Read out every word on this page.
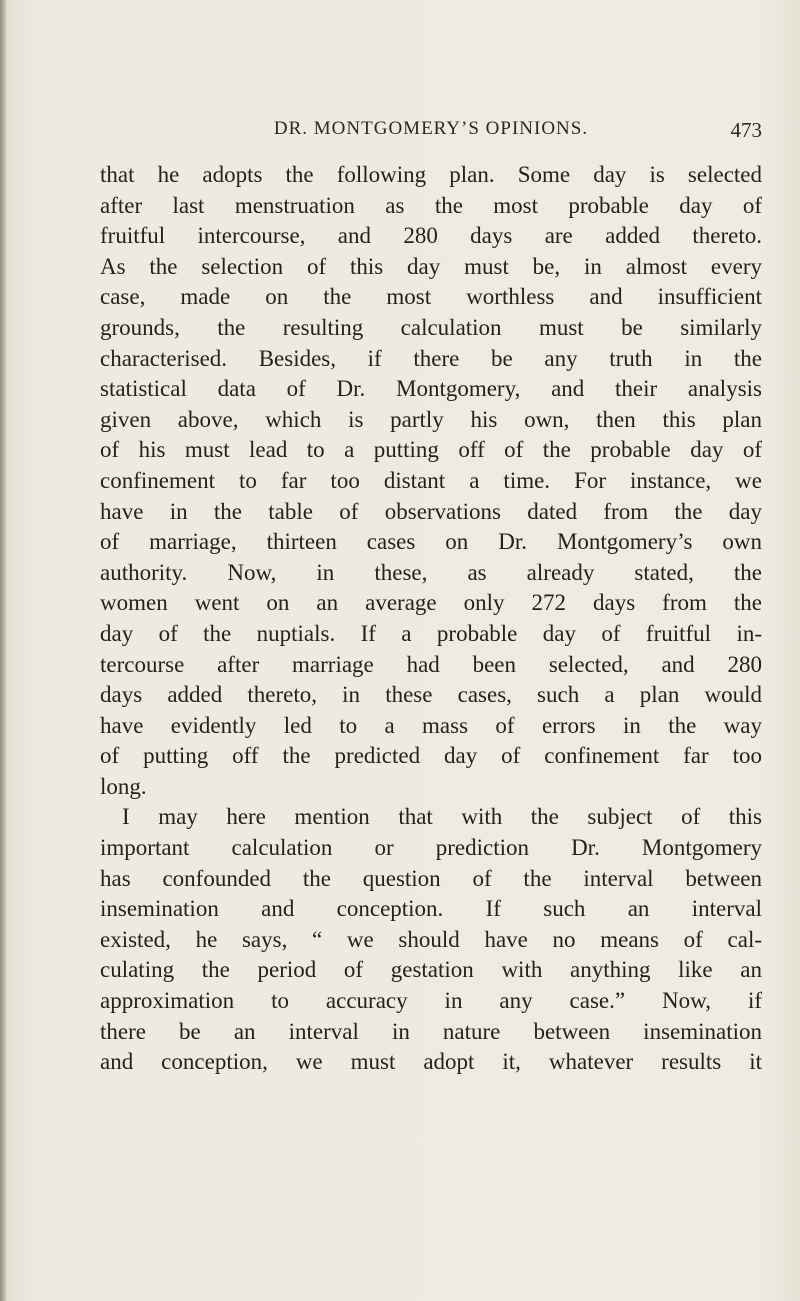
DR. MONTGOMERY’S OPINIONS.	473
that he adopts the following plan. Some day is selected
after last menstruation as the most probable day of
fruitful intercourse, and 280 days are added thereto.
As the selection of this day must be, in almost every
case, made on the most worthless and insufficient
grounds, the resulting calculation must be similarly
characterised. Besides, if there be any truth in the
statistical data of Dr. Montgomery, and their analysis
given above, which is partly his own, then this plan
of his must lead to a putting off of the probable day of
confinement to far too distant a time. For instance, we
have in the table of observations dated from the day
of marriage, thirteen cases on Dr. Montgomery’s own
authority. Now, in these, as already stated, the
women went on an average only 272 days from the
day of the nuptials. If a probable day of fruitful in-
tercourse after marriage had been selected, and 280
days added thereto, in these cases, such a plan would
have evidently led to a mass of errors in the way
of putting off the predicted day of confinement far too
long.
I may here mention that with the subject of this
important calculation or prediction Dr. Montgomery
has confounded the question of the interval between
insemination and conception. If such an interval
existed, he says, “ we should have no means of cal-
culating the period of gestation with anything like an
approximation to accuracy in any case.” Now, if
there be an interval in nature between insemination
and conception, we must adopt it, whatever results it
